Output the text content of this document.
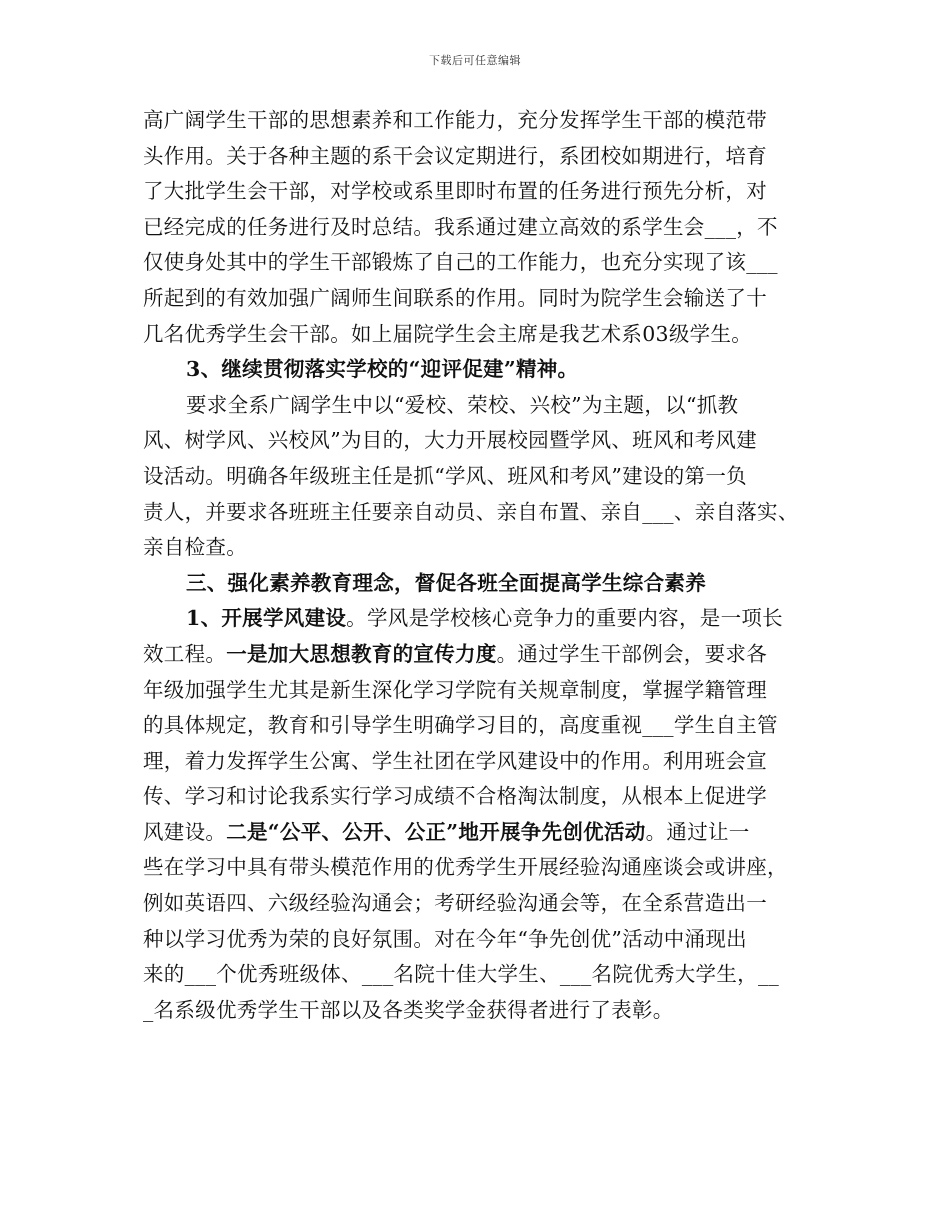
下载后可任意编辑
高广阔学生干部的思想素养和工作能力，充分发挥学生干部的模范带
头作用。关于各种主题的系干会议定期进行，系团校如期进行，培育
了大批学生会干部，对学校或系里即时布置的任务进行预先分析，对
已经完成的任务进行及时总结。我系通过建立高效的系学生会___，不
仅使身处其中的学生干部锻炼了自己的工作能力，也充分实现了该___
所起到的有效加强广阔师生间联系的作用。同时为院学生会输送了十
几名优秀学生会干部。如上届院学生会主席是我艺术系03级学生。
3、继续贯彻落实学校的“迎评促建”精神。
要求全系广阔学生中以“爱校、荣校、兴校”为主题，以“抓教
风、树学风、兴校风”为目的，大力开展校园暨学风、班风和考风建
设活动。明确各年级班主任是抓“学风、班风和考风”建设的第一负
责人，并要求各班班主任要亲自动员、亲自布置、亲自___、亲自落实、
亲自检查。
三、强化素养教育理念，督促各班全面提高学生综合素养
1、开展学风建设。学风是学校核心竞争力的重要内容，是一项长
效工程。一是加大思想教育的宣传力度。通过学生干部例会，要求各
年级加强学生尤其是新生深化学习学院有关规章制度，掌握学籍管理
的具体规定，教育和引导学生明确学习目的，高度重视___学生自主管
理，着力发挥学生公寓、学生社团在学风建设中的作用。利用班会宣
传、学习和讨论我系实行学习成绩不合格淘汰制度，从根本上促进学
风建设。二是“公平、公开、公正”地开展争先创优活动。通过让一
些在学习中具有带头模范作用的优秀学生开展经验沟通座谈会或讲座，
例如英语四、六级经验沟通会；考研经验沟通会等，在全系营造出一
种以学习优秀为荣的良好氛围。对在今年“争先创优”活动中涌现出
来的___个优秀班级体、___名院十佳大学生、___名院优秀大学生，__
_名系级优秀学生干部以及各类奖学金获得者进行了表彰。
